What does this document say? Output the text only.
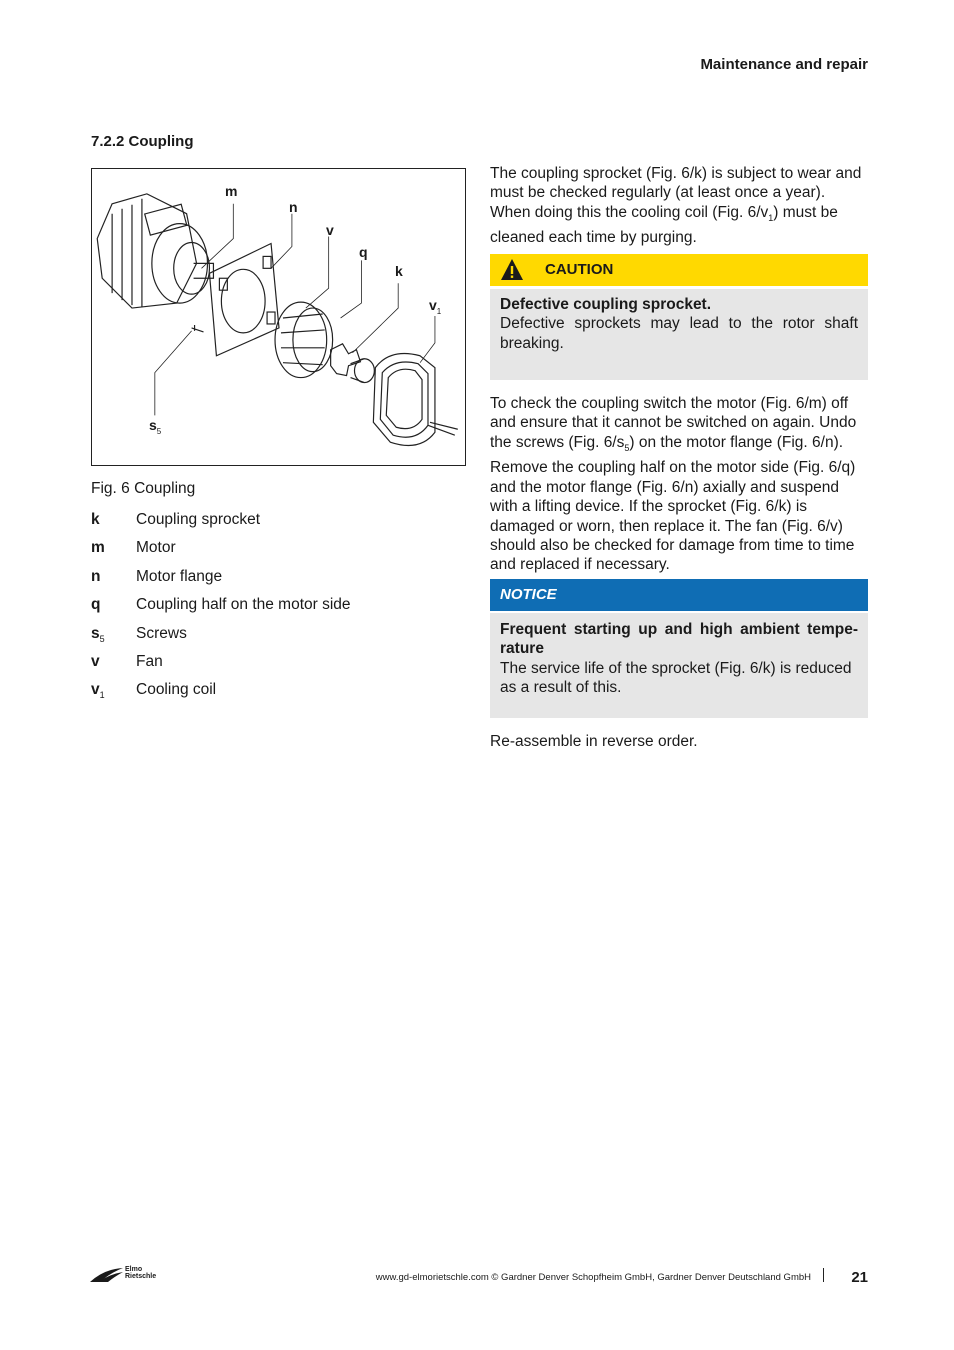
Maintenance and repair
7.2.2 Coupling
m
n
v
q
k
$v_1$
$s_5$
Fig. 6 Coupling
k	Coupling sprocket
m	Motor
n	Motor flange
q	Coupling half on the motor side
$s_5$	Screws
v	Fan
$v_1$	Cooling coil
The coupling sprocket (Fig. 6/k) is subject to wear and must be checked regularly (at least once a year). When doing this the cooling coil (Fig. $6/v_1$) must be cleaned each time by purging.
CAUTION
Defective coupling sprocket.
Defective sprockets may lead to the rotor shaft breaking.
To check the coupling switch the motor (Fig. 6/m) off and ensure that it cannot be switched on again. Undo the screws (Fig. $6/s_5$) on the motor flange (Fig. 6/n). Remove the coupling half on the motor side (Fig. 6/q) and the motor flange (Fig. 6/n) axially and suspend with a lifting device. If the sprocket (Fig. 6/k) is damaged or worn, then replace it. The fan (Fig. 6/v) should also be checked for damage from time to time and replaced if necessary.
NOTICE
Frequent starting up and high ambient tempe-rature
The service life of the sprocket (Fig. 6/k) is reduced as a result of this.
Re-assemble in reverse order.
Elmo
Rietschle	www.gd-elmorietschle.com © Gardner Denver Schopfheim GmbH, Gardner Denver Deutschland GmbH	21
